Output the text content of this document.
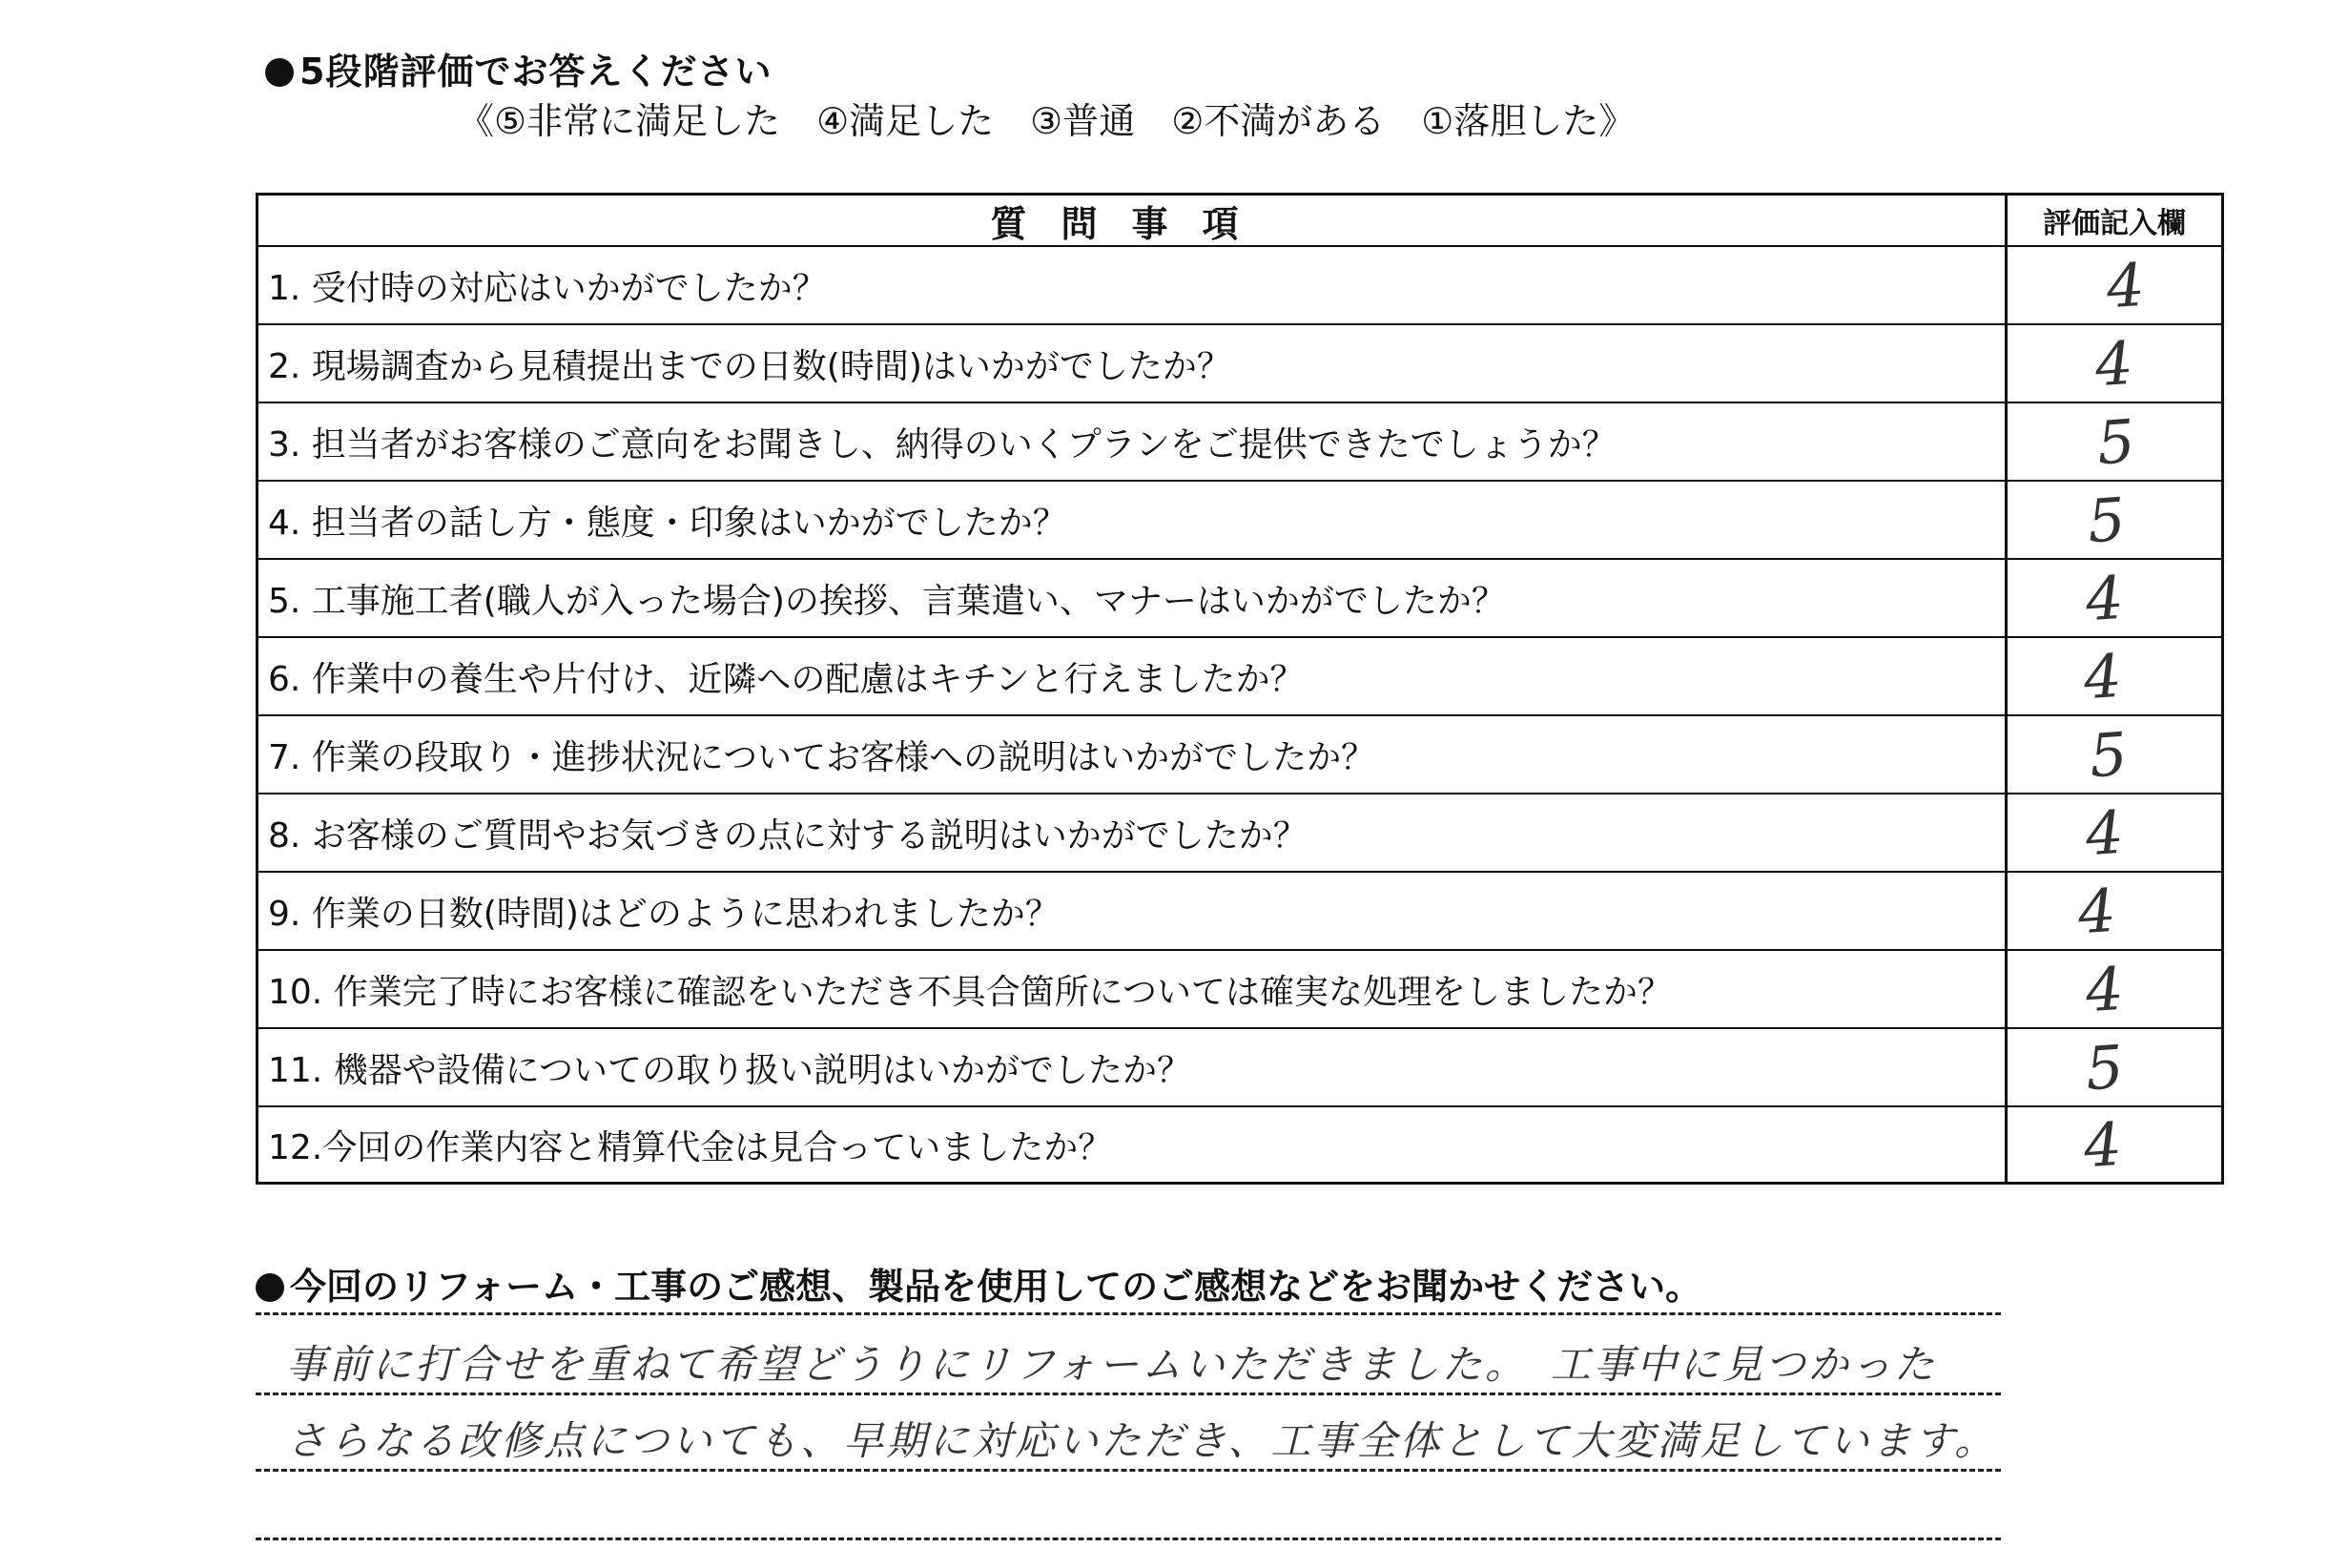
5段階評価でお答えください
《⑤非常に満足した　④満足した　③普通　②不満がある　①落胆した》
質問事項	評価記入欄
1. 受付時の対応はいかがでしたか？	4
2. 現場調査から見積提出までの日数(時間)はいかがでしたか？	4
3. 担当者がお客様のご意向をお聞きし、納得のいくプランをご提供できたでしょうか？	5
4. 担当者の話し方・態度・印象はいかがでしたか？	5
5. 工事施工者(職人が入った場合)の挨拶、言葉遣い、マナーはいかがでしたか？	4
6. 作業中の養生や片付け、近隣への配慮はキチンと行えましたか？	4
7. 作業の段取り・進捗状況についてお客様への説明はいかがでしたか？	5
8. お客様のご質問やお気づきの点に対する説明はいかがでしたか？	4
9. 作業の日数(時間)はどのように思われましたか？	4
10. 作業完了時にお客様に確認をいただき不具合箇所については確実な処理をしましたか？	4
11. 機器や設備についての取り扱い説明はいかがでしたか？	5
12.今回の作業内容と精算代金は見合っていましたか？	4
今回のリフォーム・工事のご感想、製品を使用してのご感想などをお聞かせください。
事前に打合せを重ねて希望どうりにリフォームいただきました。　工事中に見つかった
さらなる改修点についても、早期に対応いただき、工事全体として大変満足しています。
